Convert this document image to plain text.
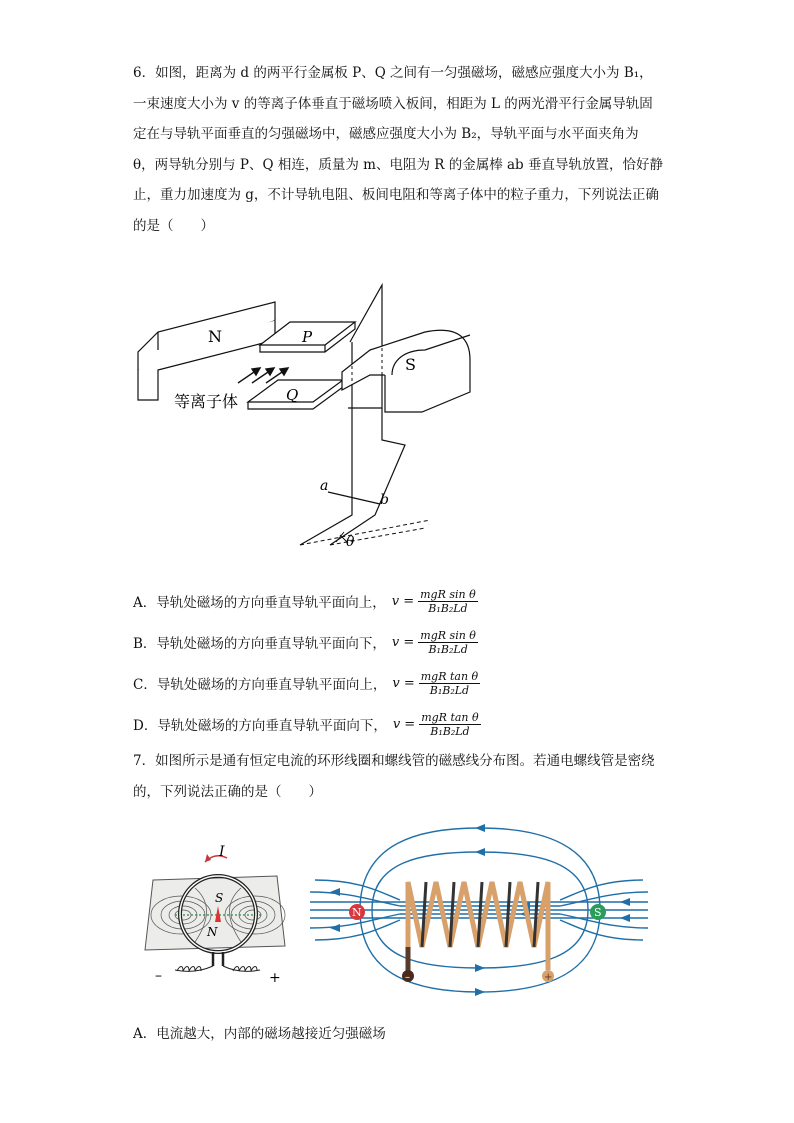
6．如图，距离为 d 的两平行金属板 P、Q 之间有一匀强磁场，磁感应强度大小为 B₁，一束速度大小为 v 的等离子体垂直于磁场喷入板间，相距为 L 的两光滑平行金属导轨固定在与导轨平面垂直的匀强磁场中，磁感应强度大小为 B₂，导轨平面与水平面夹角为 θ，两导轨分别与 P、Q 相连，质量为 m、电阻为 R 的金属棒 ab 垂直导轨放置，恰好静止，重力加速度为 g，不计导轨电阻、板间电阻和等离子体中的粒子重力，下列说法正确的是（　　）
a
b
θ
N	P
Q
等离子体
S
A．导轨处磁场的方向垂直导轨平面向上， $v = \frac{\text{mgR sin θ}}{\text{B₁B₂Ld}}$
B．导轨处磁场的方向垂直导轨平面向下， $v = \frac{\text{mgR sin θ}}{\text{B₁B₂Ld}}$
C．导轨处磁场的方向垂直导轨平面向上， $v = \frac{\text{mgR tan θ}}{\text{B₁B₂Ld}}$
D．导轨处磁场的方向垂直导轨平面向下， $v = \frac{\text{mgR tan θ}}{\text{B₁B₂Ld}}$
7．如图所示是通有恒定电流的环形线圈和螺线管的磁感线分布图。若通电螺线管是密绕的，下列说法正确的是（　　）
I
S
N
–	+	–	+
N	S
A．电流越大，内部的磁场越接近匀强磁场
